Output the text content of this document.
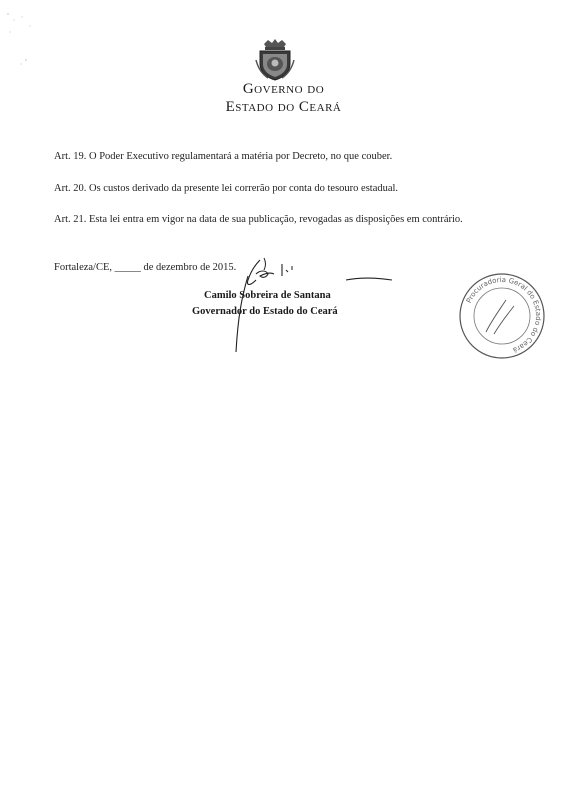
Governo do
Estado do Ceará
Art. 19. O Poder Executivo regulamentará a matéria por Decreto, no que couber.
Art. 20. Os custos derivado da presente lei correrão por conta do tesouro estadual.
Art. 21. Esta lei entra em vigor na data de sua publicação, revogadas as disposições em contrário.
Fortaleza/CE, _____ de dezembro de 2015.
Camilo Sobreira de Santana
Governador do Estado do Ceará
Procuradoria Geral do Estado do Ceará
